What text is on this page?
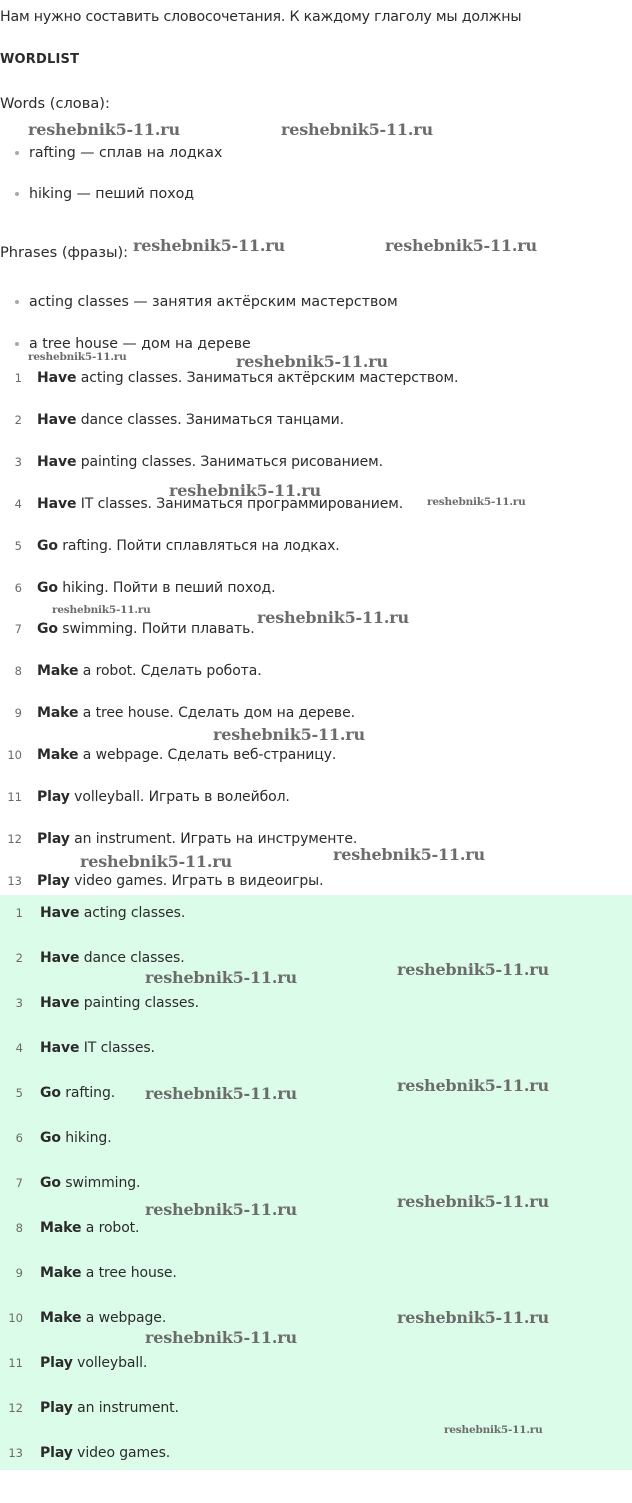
Нам нужно составить словосочетания. К каждому глаголу мы должны
WORDLIST
Words (слова):
rafting — сплав на лодках
hiking — пеший поход
Phrases (фразы):
acting classes — занятия актёрским мастерством
a tree house — дом на дереве
1 Have acting classes. Заниматься актёрским мастерством.
2 Have dance classes. Заниматься танцами.
3 Have painting classes. Заниматься рисованием.
4 Have IT classes. Заниматься программированием.
5 Go rafting. Пойти сплавляться на лодках.
6 Go hiking. Пойти в пеший поход.
7 Go swimming. Пойти плавать.
8 Make a robot. Сделать робота.
9 Make a tree house. Сделать дом на дереве.
10 Make a webpage. Сделать веб-страницу.
11 Play volleyball. Играть в волейбол.
12 Play an instrument. Играть на инструменте.
13 Play video games. Играть в видеоигры.
1 Have acting classes.
2 Have dance classes.
3 Have painting classes.
4 Have IT classes.
5 Go rafting.
6 Go hiking.
7 Go swimming.
8 Make a robot.
9 Make a tree house.
10 Make a webpage.
11 Play volleyball.
12 Play an instrument.
13 Play video games.
reshebnik5-11.ru	reshebnik5-11.ru
reshebnik5-11.ru	reshebnik5-11.ru
reshebnik5-11.ru	reshebnik5-11.ru
reshebnik5-11.ru
reshebnik5-11.ru
reshebnik5-11.ru	reshebnik5-11.ru
reshebnik5-11.ru
reshebnik5-11.ru	reshebnik5-11.ru
reshebnik5-11.ru	reshebnik5-11.ru
reshebnik5-11.ru	reshebnik5-11.ru
reshebnik5-11.ru	reshebnik5-11.ru
reshebnik5-11.ru
reshebnik5-11.ru
reshebnik5-11.ru
